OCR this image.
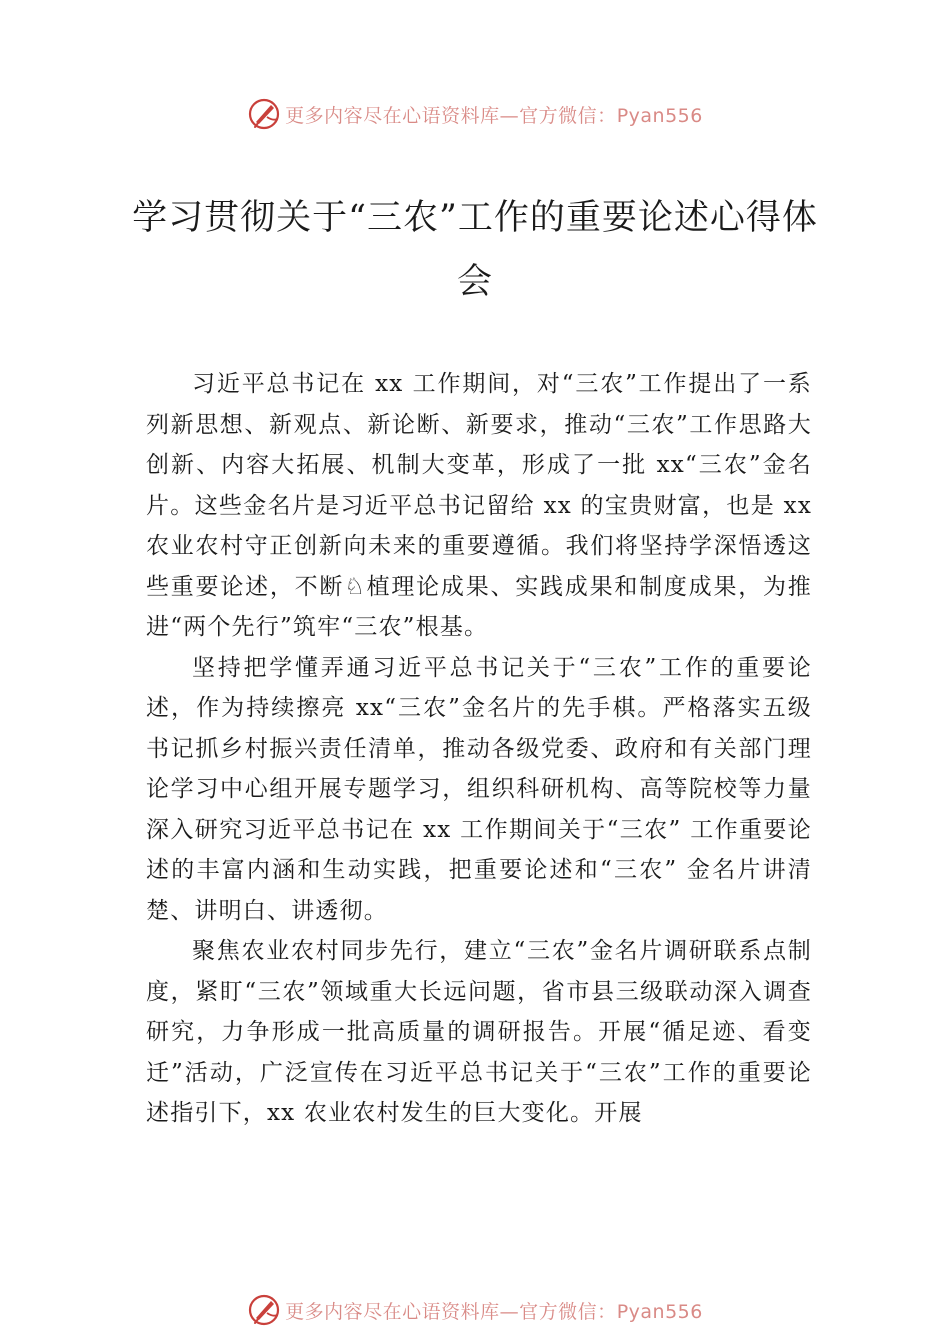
更多内容尽在心语资料库—官方微信：Pyan556
学习贯彻关于“三农”工作的重要论述心得体会

习近平总书记在 xx 工作期间，对“三农”工作提出了一系列新思想、新观点、新论断、新要求，推动“三农”工作思路大创新、内容大拓展、机制大变革，形成了一批 xx“三农”金名片。这些金名片是习近平总书记留给 xx 的宝贵财富，也是 xx 农业农村守正创新向未来的重要遵循。我们将坚持学深悟透这些重要论述，不断♘植理论成果、实践成果和制度成果，为推进“两个先行”筑牢“三农”根基。

坚持把学懂弄通习近平总书记关于“三农”工作的重要论述，作为持续擦亮 xx“三农”金名片的先手棋。严格落实五级书记抓乡村振兴责任清单，推动各级党委、政府和有关部门理论学习中心组开展专题学习，组织科研机构、高等院校等力量深入研究习近平总书记在 xx 工作期间关于“三农” 工作重要论述的丰富内涵和生动实践，把重要论述和“三农” 金名片讲清楚、讲明白、讲透彻。

聚焦农业农村同步先行，建立“三农”金名片调研联系点制度，紧盯“三农”领域重大长远问题，省市县三级联动深入调查研究，力争形成一批高质量的调研报告。开展“循足迹、看变迁”活动，广泛宣传在习近平总书记关于“三农”工作的重要论述指引下，xx 农业农村发生的巨大变化。开展

更多内容尽在心语资料库—官方微信：Pyan556
